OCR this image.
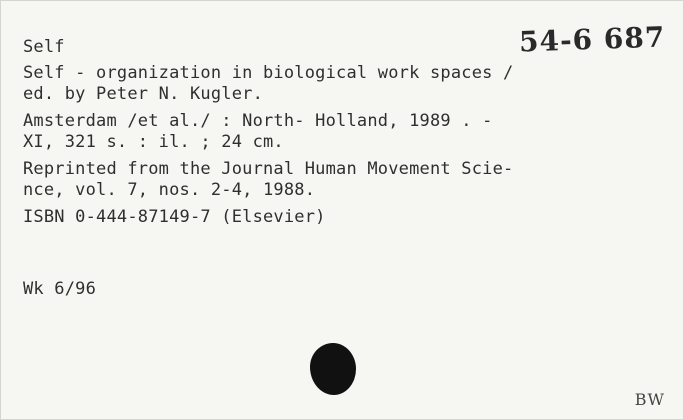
54-6 687
Self
Self - organization in biological work spaces /
ed. by Peter N. Kugler.
Amsterdam /et al./ : North- Holland, 1989 . -
XI, 321 s. : il. ; 24 cm.
Reprinted from the Journal Human Movement Scie-
nce, vol. 7, nos. 2-4, 1988.
ISBN 0-444-87149-7 (Elsevier)
Wk 6/96
BW
